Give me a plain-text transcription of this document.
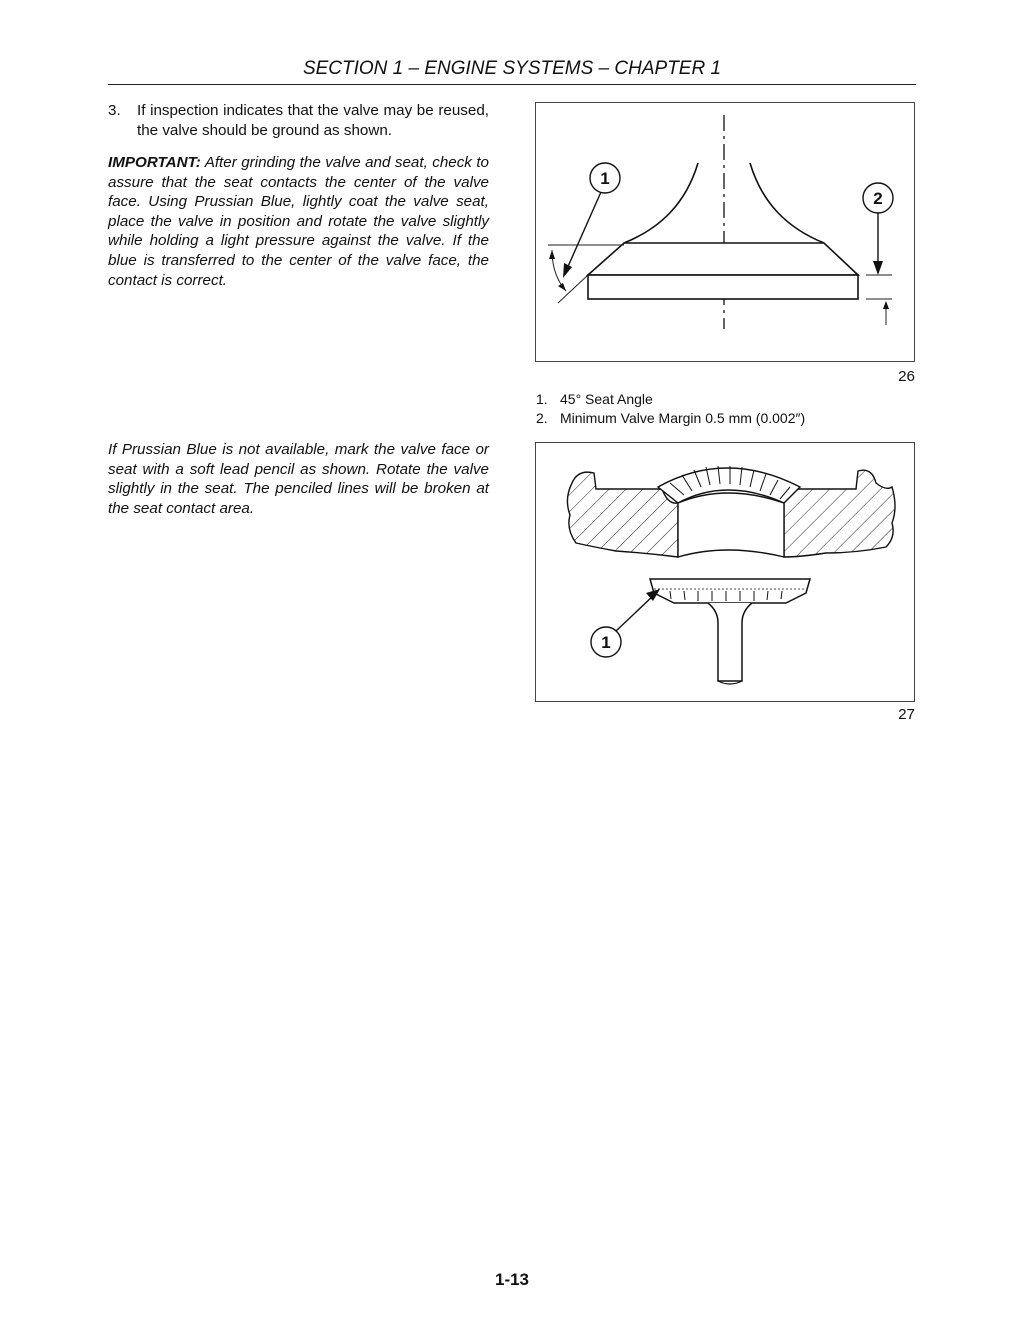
SECTION 1 – ENGINE SYSTEMS – CHAPTER 1
3. If inspection indicates that the valve may be reused, the valve should be ground as shown.
IMPORTANT: After grinding the valve and seat, check to assure that the seat contacts the center of the valve face. Using Prussian Blue, lightly coat the valve seat, place the valve in position and rotate the valve slightly while holding a light pressure against the valve. If the blue is transferred to the center of the valve face, the contact is correct.
If Prussian Blue is not available, mark the valve face or seat with a soft lead pencil as shown. Rotate the valve slightly in the seat. The penciled lines will be broken at the seat contact area.
1
2
26
1. 45° Seat Angle
2. Minimum Valve Margin 0.5 mm (0.002″)
1
27
1-13
